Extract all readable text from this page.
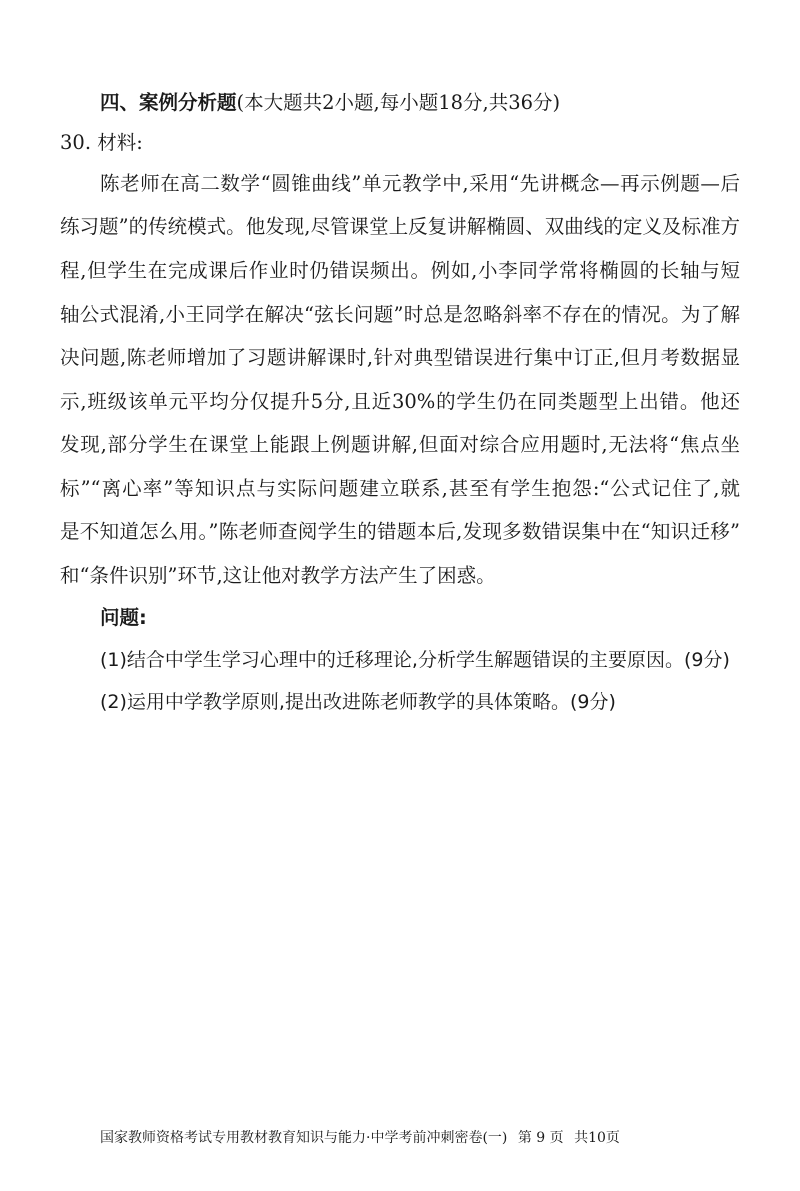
四、案例分析题(本大题共2小题,每小题18分,共36分)
30. 材料:
陈老师在高二数学“圆锥曲线”单元教学中,采用“先讲概念—再示例题—后
练习题”的传统模式。他发现,尽管课堂上反复讲解椭圆、双曲线的定义及标准方
程,但学生在完成课后作业时仍错误频出。例如,小李同学常将椭圆的长轴与短
轴公式混淆,小王同学在解决“弦长问题”时总是忽略斜率不存在的情况。为了解
决问题,陈老师增加了习题讲解课时,针对典型错误进行集中订正,但月考数据显
示,班级该单元平均分仅提升5分,且近30%的学生仍在同类题型上出错。他还
发现,部分学生在课堂上能跟上例题讲解,但面对综合应用题时,无法将“焦点坐
标”“离心率”等知识点与实际问题建立联系,甚至有学生抱怨:“公式记住了,就
是不知道怎么用。”陈老师查阅学生的错题本后,发现多数错误集中在“知识迁移”
和“条件识别”环节,这让他对教学方法产生了困惑。
问题:
(1)结合中学生学习心理中的迁移理论,分析学生解题错误的主要原因。(9分)
(2)运用中学教学原则,提出改进陈老师教学的具体策略。(9分)
国家教师资格考试专用教材教育知识与能力·中学考前冲刺密卷(一) 第 9 页 共10页
